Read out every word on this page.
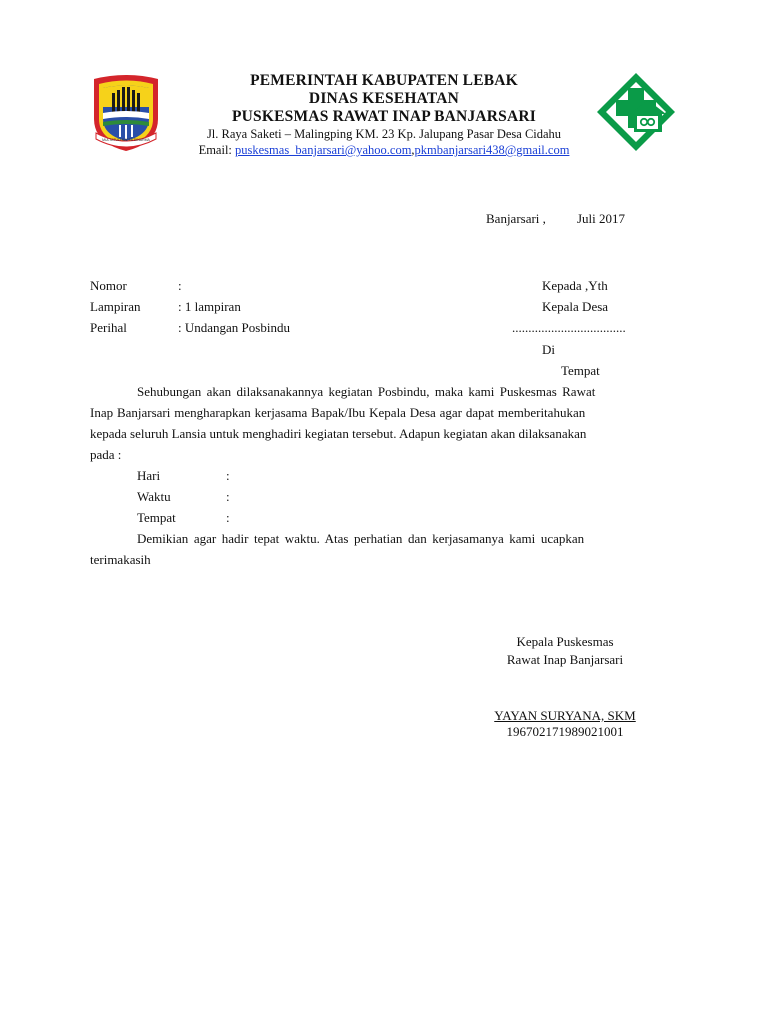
MULTATULI SAPTA DINARMA
PEMERINTAH KABUPATEN LEBAK
DINAS KESEHATAN
PUSKESMAS RAWAT INAP BANJARSARI
Jl. Raya Saketi – Malingping KM. 23 Kp. Jalupang Pasar Desa Cidahu
Email: puskesmas_banjarsari@yahoo.com,pkmbanjarsari438@gmail.com
Banjarsari , Juli 2017
Nomor	:
Lampiran	: 1 lampiran
Perihal	: Undangan Posbindu
Kepada ,Yth
Kepala Desa
...................................
Di
Tempat
Sehubungan akan dilaksanakannya kegiatan Posbindu, maka kami Puskesmas Rawat
Inap Banjarsari mengharapkan kerjasama Bapak/Ibu Kepala Desa agar dapat memberitahukan
kepada seluruh Lansia untuk menghadiri kegiatan tersebut. Adapun kegiatan akan dilaksanakan
pada :
Hari	:
Waktu	:
Tempat	:
Demikian agar hadir tepat waktu. Atas perhatian dan kerjasamanya kami ucapkan
terimakasih
Kepala Puskesmas
Rawat Inap Banjarsari
YAYAN SURYANA, SKM
196702171989021001
